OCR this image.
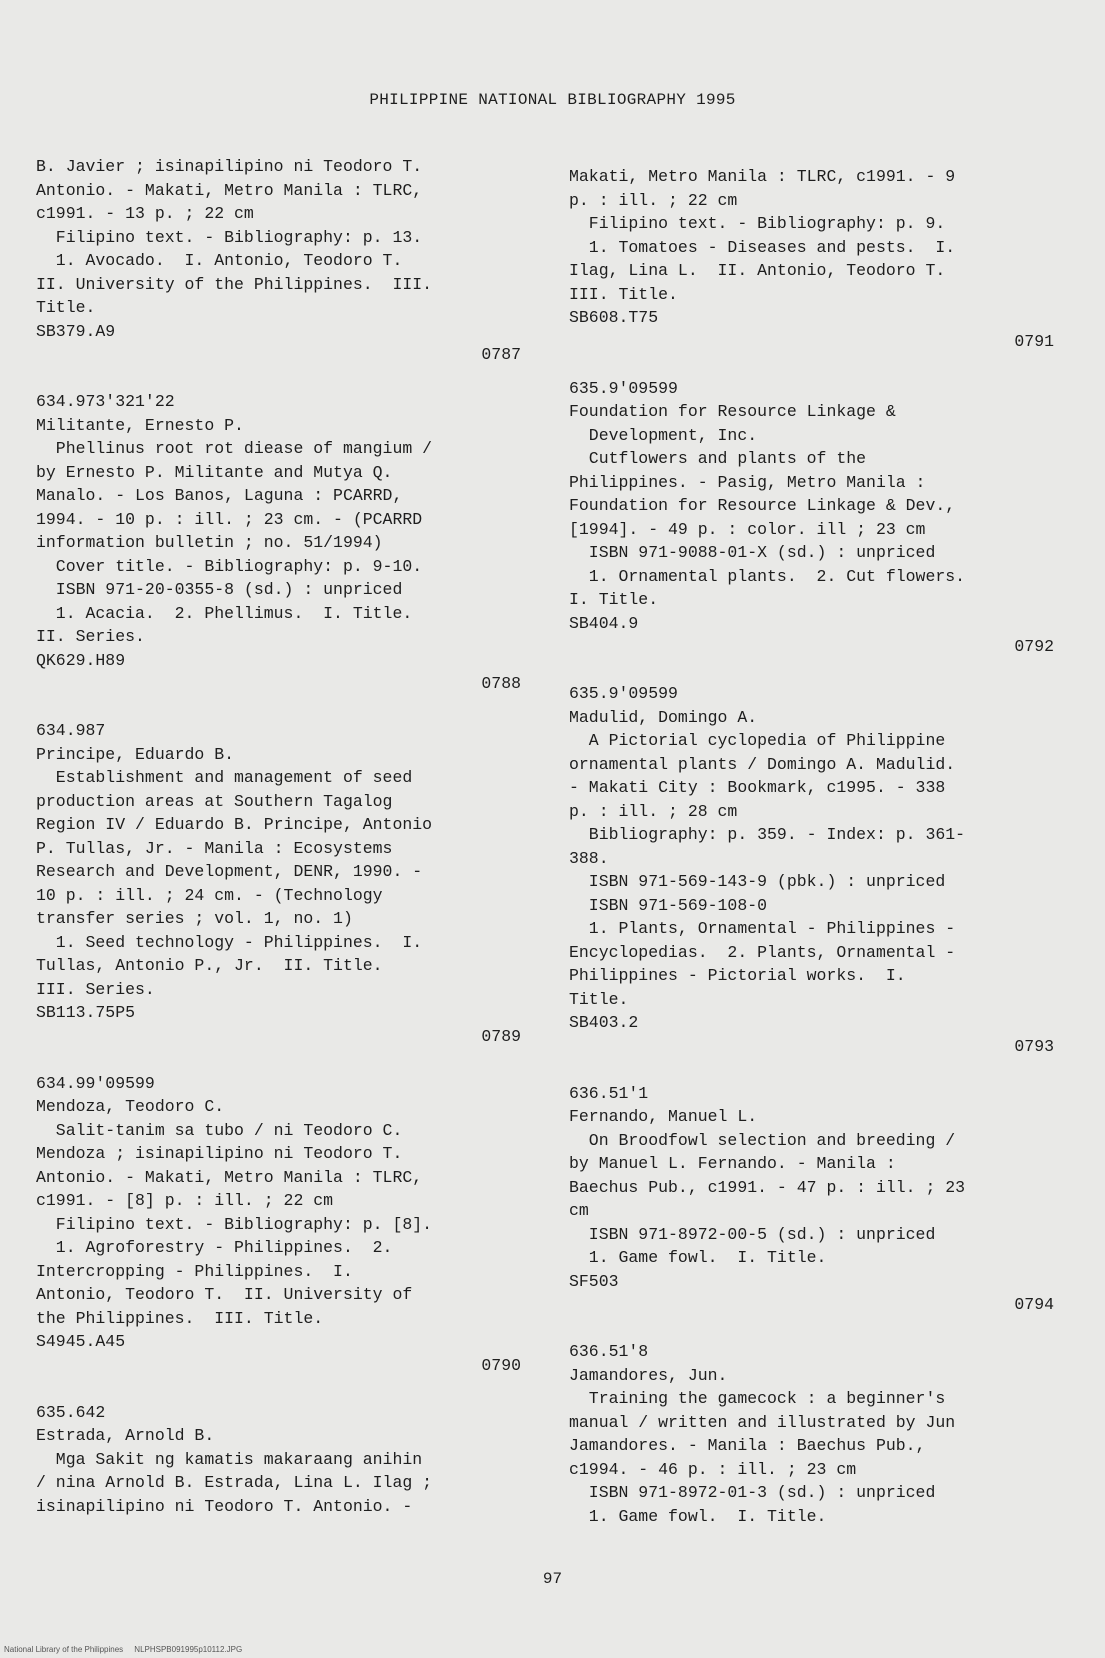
PHILIPPINE NATIONAL BIBLIOGRAPHY 1995
B. Javier ; isinapilipino ni Teodoro T.
Antonio. - Makati, Metro Manila : TLRC,
c1991. - 13 p. ; 22 cm
Filipino text. - Bibliography: p. 13.
1. Avocado.  I. Antonio, Teodoro T.
II. University of the Philippines.  III.
Title.
SB379.A9
0787
634.973'321'22
Militante, Ernesto P.
Phellinus root rot diease of mangium /
by Ernesto P. Militante and Mutya Q.
Manalo. - Los Banos, Laguna : PCARRD,
1994. - 10 p. : ill. ; 23 cm. - (PCARRD
information bulletin ; no. 51/1994)
Cover title. - Bibliography: p. 9-10.
ISBN 971-20-0355-8 (sd.) : unpriced
1. Acacia.  2. Phellimus.  I. Title.
II. Series.
QK629.H89
0788
634.987
Principe, Eduardo B.
Establishment and management of seed
production areas at Southern Tagalog
Region IV / Eduardo B. Principe, Antonio
P. Tullas, Jr. - Manila : Ecosystems
Research and Development, DENR, 1990. -
10 p. : ill. ; 24 cm. - (Technology
transfer series ; vol. 1, no. 1)
1. Seed technology - Philippines.  I.
Tullas, Antonio P., Jr.  II. Title.
III. Series.
SB113.75P5
0789
634.99'09599
Mendoza, Teodoro C.
Salit-tanim sa tubo / ni Teodoro C.
Mendoza ; isinapilipino ni Teodoro T.
Antonio. - Makati, Metro Manila : TLRC,
c1991. - [8] p. : ill. ; 22 cm
Filipino text. - Bibliography: p. [8].
1. Agroforestry - Philippines.  2.
Intercropping - Philippines.  I.
Antonio, Teodoro T.  II. University of
the Philippines.  III. Title.
S4945.A45
0790
635.642
Estrada, Arnold B.
Mga Sakit ng kamatis makaraang anihin
/ nina Arnold B. Estrada, Lina L. Ilag ;
isinapilipino ni Teodoro T. Antonio. -
Makati, Metro Manila : TLRC, c1991. - 9
p. : ill. ; 22 cm
Filipino text. - Bibliography: p. 9.
1. Tomatoes - Diseases and pests.  I.
Ilag, Lina L.  II. Antonio, Teodoro T.
III. Title.
SB608.T75
0791
635.9'09599
Foundation for Resource Linkage &
Development, Inc.
Cutflowers and plants of the
Philippines. - Pasig, Metro Manila :
Foundation for Resource Linkage & Dev.,
[1994]. - 49 p. : color. ill ; 23 cm
ISBN 971-9088-01-X (sd.) : unpriced
1. Ornamental plants.  2. Cut flowers.
I. Title.
SB404.9
0792
635.9'09599
Madulid, Domingo A.
A Pictorial cyclopedia of Philippine
ornamental plants / Domingo A. Madulid.
- Makati City : Bookmark, c1995. - 338
p. : ill. ; 28 cm
Bibliography: p. 359. - Index: p. 361-
388.
ISBN 971-569-143-9 (pbk.) : unpriced
ISBN 971-569-108-0
1. Plants, Ornamental - Philippines -
Encyclopedias.  2. Plants, Ornamental -
Philippines - Pictorial works.  I.
Title.
SB403.2
0793
636.51'1
Fernando, Manuel L.
On Broodfowl selection and breeding /
by Manuel L. Fernando. - Manila :
Baechus Pub., c1991. - 47 p. : ill. ; 23
cm
ISBN 971-8972-00-5 (sd.) : unpriced
1. Game fowl.  I. Title.
SF503
0794
636.51'8
Jamandores, Jun.
Training the gamecock : a beginner's
manual / written and illustrated by Jun
Jamandores. - Manila : Baechus Pub.,
c1994. - 46 p. : ill. ; 23 cm
ISBN 971-8972-01-3 (sd.) : unpriced
1. Game fowl.  I. Title.
97
National Library of the Philippines     NLPHSPB091995p10112.JPG
